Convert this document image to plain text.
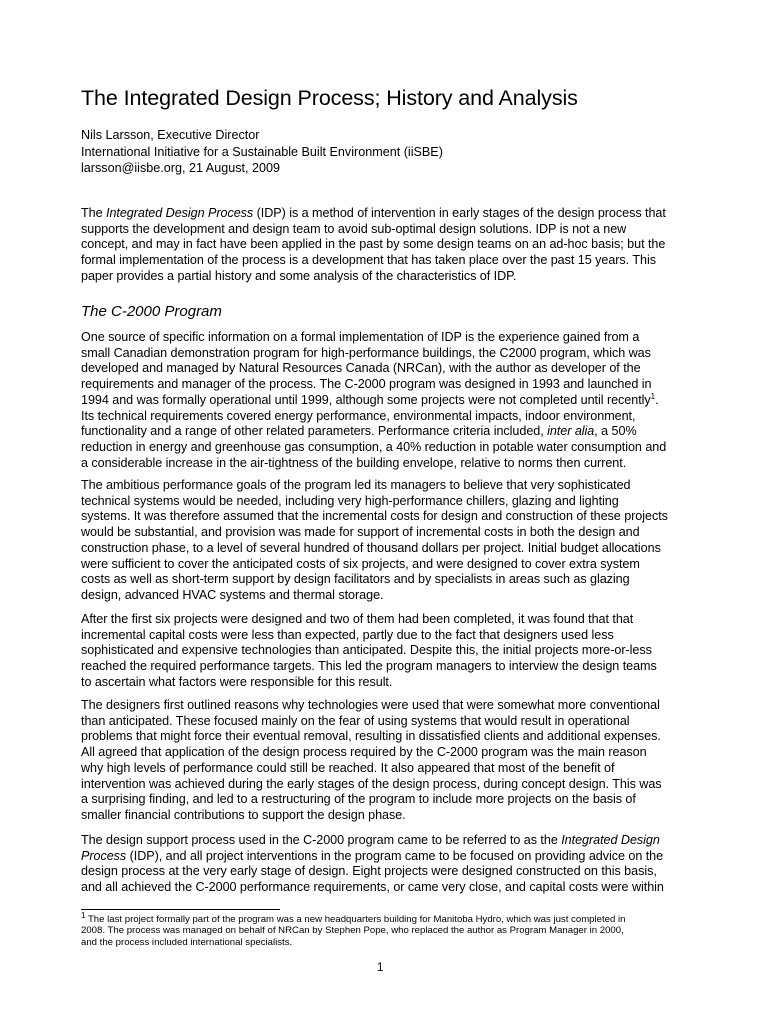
The Integrated Design Process; History and Analysis
Nils Larsson, Executive Director
International Initiative for a Sustainable Built Environment (iiSBE)
larsson@iisbe.org, 21 August, 2009

The Integrated Design Process (IDP) is a method of intervention in early stages of the design process that
supports the development and design team to avoid sub-optimal design solutions. IDP is not a new
concept, and may in fact have been applied in the past by some design teams on an ad-hoc basis; but the
formal implementation of the process is a development that has taken place over the past 15 years. This
paper provides a partial history and some analysis of the characteristics of IDP.

The C-2000 Program

One source of specific information on a formal implementation of IDP is the experience gained from a
small Canadian demonstration program for high-performance buildings, the C2000 program, which was
developed and managed by Natural Resources Canada (NRCan), with the author as developer of the
requirements and manager of the process. The C-2000 program was designed in 1993 and launched in
1994 and was formally operational until 1999, although some projects were not completed until recently$^1$.
Its technical requirements covered energy performance, environmental impacts, indoor environment,
functionality and a range of other related parameters. Performance criteria included, inter alia, a 50%
reduction in energy and greenhouse gas consumption, a 40% reduction in potable water consumption and
a considerable increase in the air-tightness of the building envelope, relative to norms then current.

The ambitious performance goals of the program led its managers to believe that very sophisticated
technical systems would be needed, including very high-performance chillers, glazing and lighting
systems. It was therefore assumed that the incremental costs for design and construction of these projects
would be substantial, and provision was made for support of incremental costs in both the design and
construction phase, to a level of several hundred of thousand dollars per project. Initial budget allocations
were sufficient to cover the anticipated costs of six projects, and were designed to cover extra system
costs as well as short-term support by design facilitators and by specialists in areas such as glazing
design, advanced HVAC systems and thermal storage.

After the first six projects were designed and two of them had been completed, it was found that that
incremental capital costs were less than expected, partly due to the fact that designers used less
sophisticated and expensive technologies than anticipated. Despite this, the initial projects more-or-less
reached the required performance targets. This led the program managers to interview the design teams
to ascertain what factors were responsible for this result.

The designers first outlined reasons why technologies were used that were somewhat more conventional
than anticipated. These focused mainly on the fear of using systems that would result in operational
problems that might force their eventual removal, resulting in dissatisfied clients and additional expenses.
All agreed that application of the design process required by the C-2000 program was the main reason
why high levels of performance could still be reached. It also appeared that most of the benefit of
intervention was achieved during the early stages of the design process, during concept design. This was
a surprising finding, and led to a restructuring of the program to include more projects on the basis of
smaller financial contributions to support the design phase.

The design support process used in the C-2000 program came to be referred to as the Integrated Design
Process (IDP), and all project interventions in the program came to be focused on providing advice on the
design process at the very early stage of design. Eight projects were designed constructed on this basis,
and all achieved the C-2000 performance requirements, or came very close, and capital costs were within

$^1$ The last project formally part of the program was a new headquarters building for Manitoba Hydro, which was just completed in
2008. The process was managed on behalf of NRCan by Stephen Pope, who replaced the author as Program Manager in 2000,
and the process included international specialists.
1
